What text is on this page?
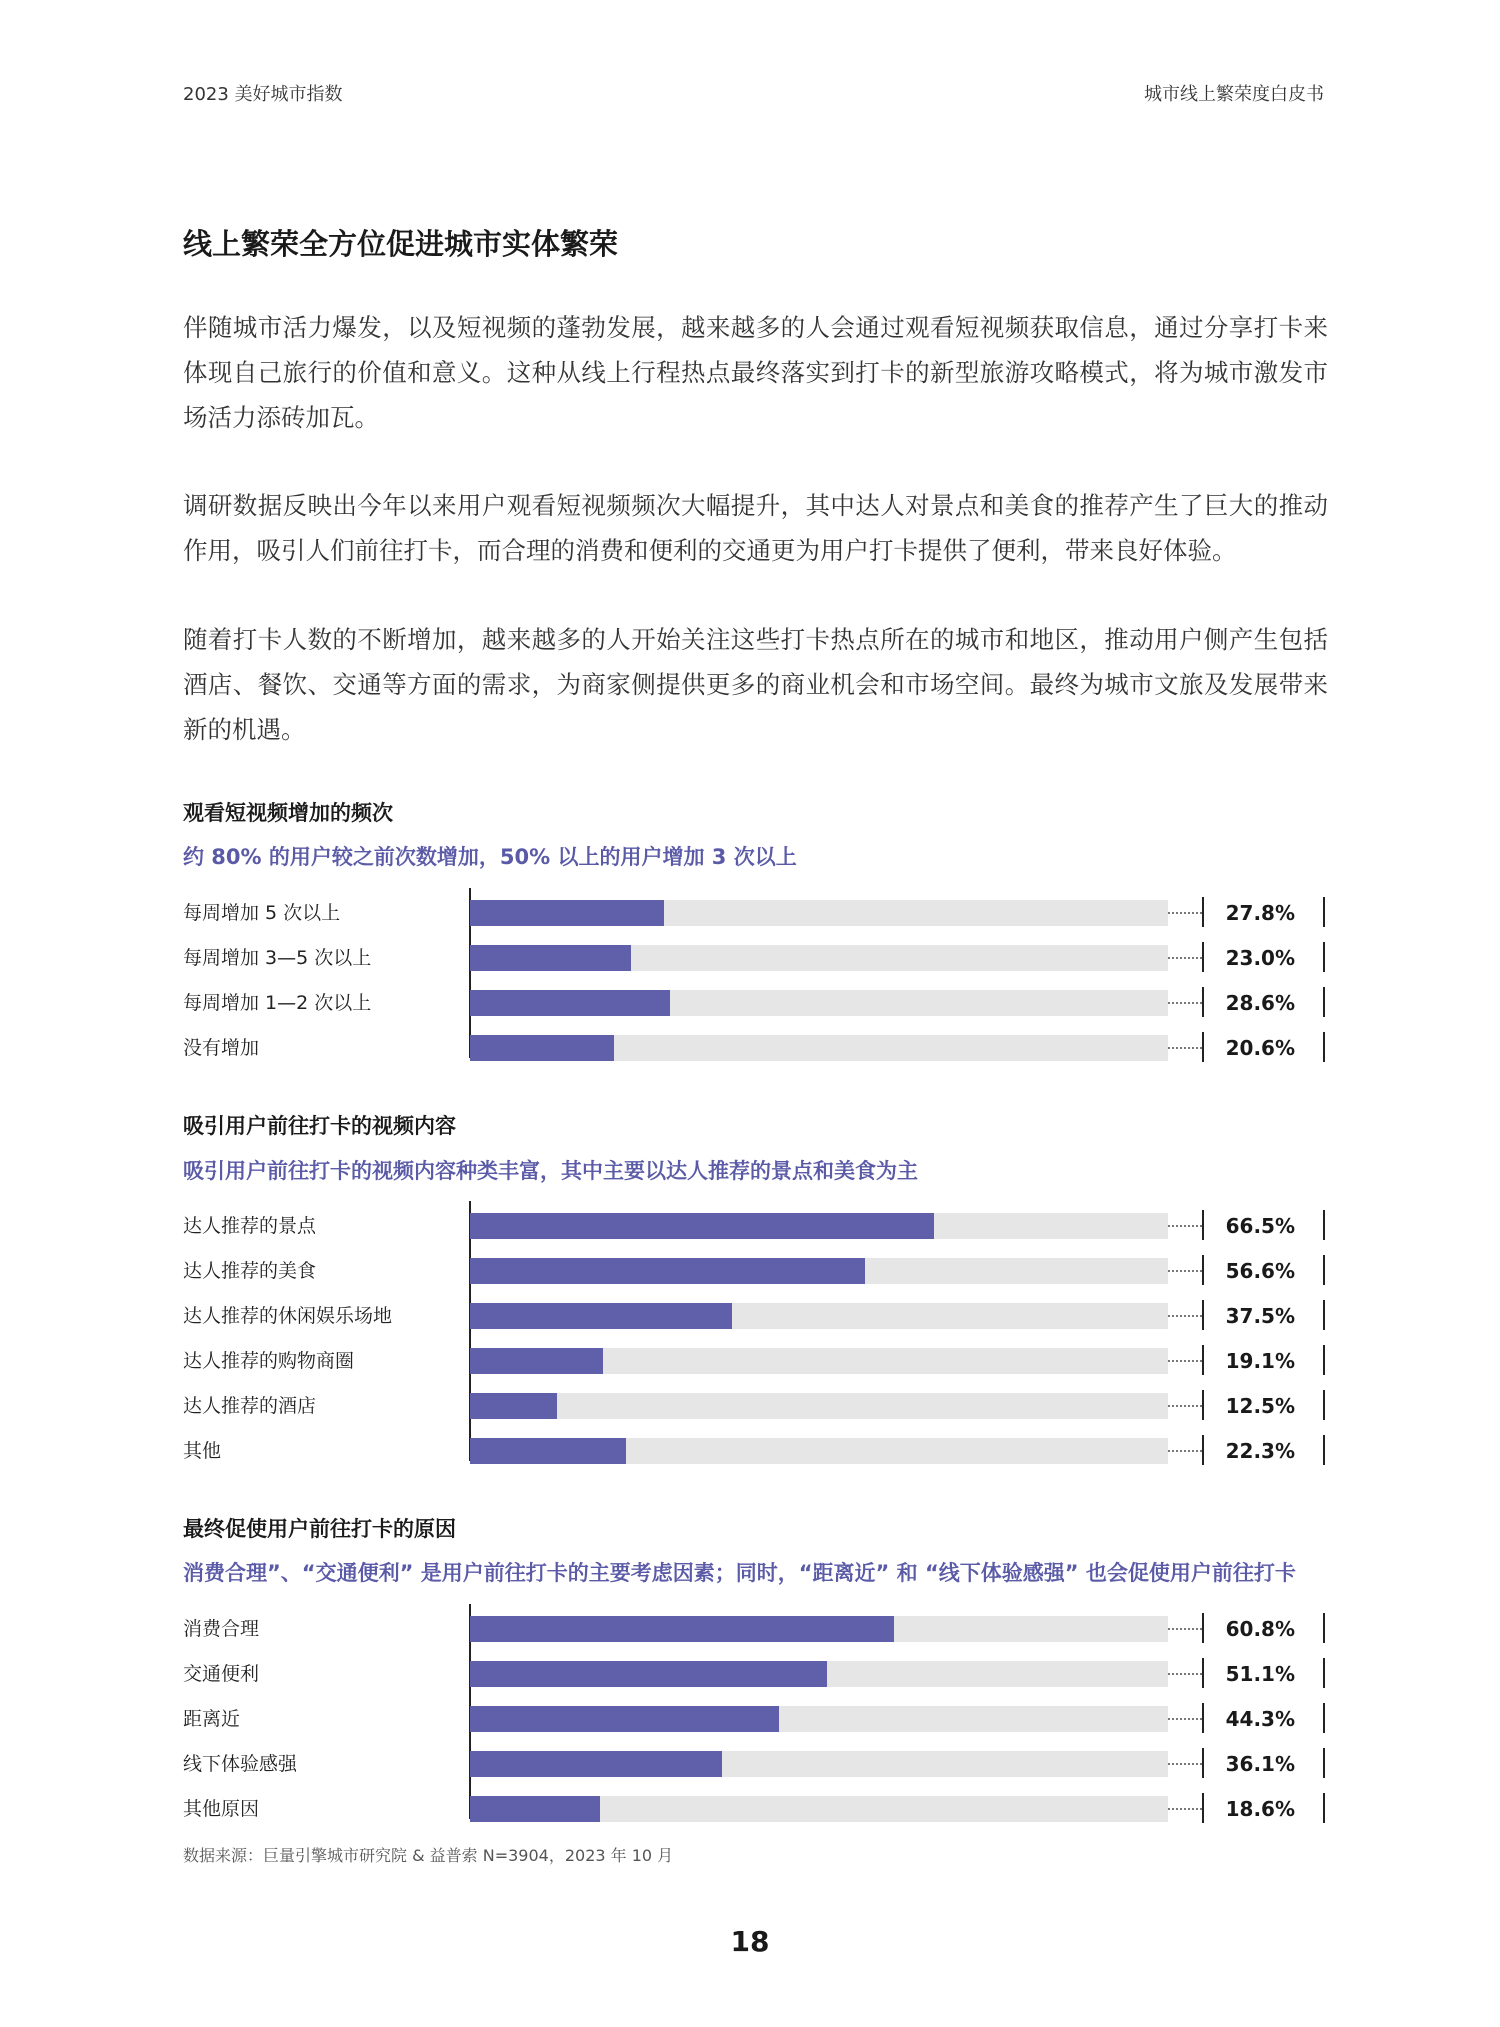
2023 美好城市指数	城市线上繁荣度白皮书
线上繁荣全方位促进城市实体繁荣
伴随城市活力爆发，以及短视频的蓬勃发展，越来越多的人会通过观看短视频获取信息，通过分享打卡来体现自己旅行的价值和意义。这种从线上行程热点最终落实到打卡的新型旅游攻略模式，将为城市激发市场活力添砖加瓦。
调研数据反映出今年以来用户观看短视频频次大幅提升，其中达人对景点和美食的推荐产生了巨大的推动作用，吸引人们前往打卡，而合理的消费和便利的交通更为用户打卡提供了便利，带来良好体验。
随着打卡人数的不断增加，越来越多的人开始关注这些打卡热点所在的城市和地区，推动用户侧产生包括酒店、餐饮、交通等方面的需求，为商家侧提供更多的商业机会和市场空间。最终为城市文旅及发展带来新的机遇。
观看短视频增加的频次
约 80% 的用户较之前次数增加，50% 以上的用户增加 3 次以上
每周增加 5 次以上	27.8%
每周增加 3—5 次以上	23.0%
每周增加 1—2 次以上	28.6%
没有增加	20.6%
吸引用户前往打卡的视频内容
吸引用户前往打卡的视频内容种类丰富，其中主要以达人推荐的景点和美食为主
达人推荐的景点	66.5%
达人推荐的美食	56.6%
达人推荐的休闲娱乐场地	37.5%
达人推荐的购物商圈	19.1%
达人推荐的酒店	12.5%
其他	22.3%
最终促使用户前往打卡的原因
消费合理”、“交通便利” 是用户前往打卡的主要考虑因素；同时，“距离近” 和 “线下体验感强” 也会促使用户前往打卡
消费合理	60.8%
交通便利	51.1%
距离近	44.3%
线下体验感强	36.1%
其他原因	18.6%
数据来源：巨量引擎城市研究院 & 益普索 N=3904，2023 年 10 月
18
